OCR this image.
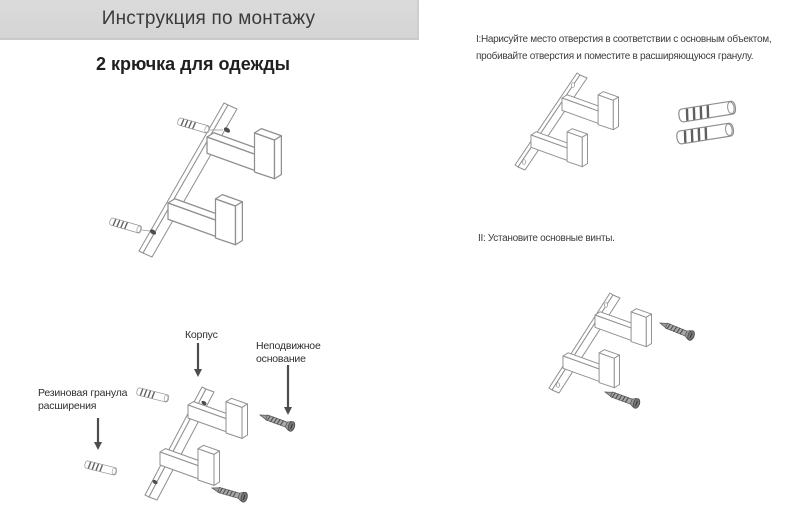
Инструкция по монтажу
2 крючка для одежды
I:Нарисуйте место отверстия в соответствии с основным объектом,
пробивайте отверстия и поместите в расширяющуюся гранулу.
II: Установите основные винты.
Корпус
Неподвижное
основание
Резиновая гранула
расширения
